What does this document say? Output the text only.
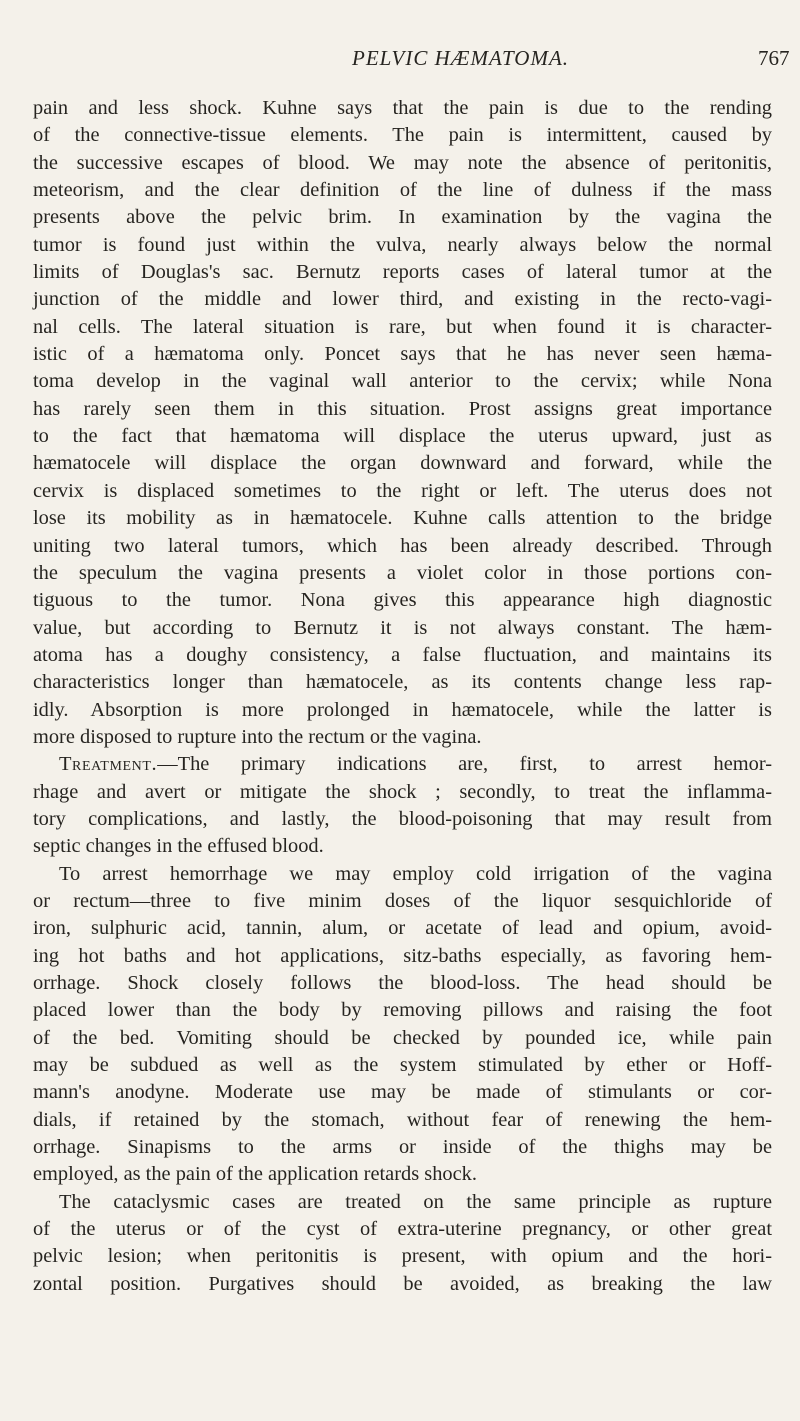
PELVIC HÆMATOMA.	767
pain and less shock. Kuhne says that the pain is due to the rending
of the connective-tissue elements. The pain is intermittent, caused by
the successive escapes of blood. We may note the absence of peritonitis,
meteorism, and the clear definition of the line of dulness if the mass
presents above the pelvic brim. In examination by the vagina the
tumor is found just within the vulva, nearly always below the normal
limits of Douglas's sac. Bernutz reports cases of lateral tumor at the
junction of the middle and lower third, and existing in the recto-vagi-
nal cells. The lateral situation is rare, but when found it is character-
istic of a hæmatoma only. Poncet says that he has never seen hæma-
toma develop in the vaginal wall anterior to the cervix; while Nona
has rarely seen them in this situation. Prost assigns great importance
to the fact that hæmatoma will displace the uterus upward, just as
hæmatocele will displace the organ downward and forward, while the
cervix is displaced sometimes to the right or left. The uterus does not
lose its mobility as in hæmatocele. Kuhne calls attention to the bridge
uniting two lateral tumors, which has been already described. Through
the speculum the vagina presents a violet color in those portions con-
tiguous to the tumor. Nona gives this appearance high diagnostic
value, but according to Bernutz it is not always constant. The hæm-
atoma has a doughy consistency, a false fluctuation, and maintains its
characteristics longer than hæmatocele, as its contents change less rap-
idly. Absorption is more prolonged in hæmatocele, while the latter is
more disposed to rupture into the rectum or the vagina.
Treatment.—The primary indications are, first, to arrest hemor-
rhage and avert or mitigate the shock ; secondly, to treat the inflamma-
tory complications, and lastly, the blood-poisoning that may result from
septic changes in the effused blood.
To arrest hemorrhage we may employ cold irrigation of the vagina
or rectum—three to five minim doses of the liquor sesquichloride of
iron, sulphuric acid, tannin, alum, or acetate of lead and opium, avoid-
ing hot baths and hot applications, sitz-baths especially, as favoring hem-
orrhage. Shock closely follows the blood-loss. The head should be
placed lower than the body by removing pillows and raising the foot
of the bed. Vomiting should be checked by pounded ice, while pain
may be subdued as well as the system stimulated by ether or Hoff-
mann's anodyne. Moderate use may be made of stimulants or cor-
dials, if retained by the stomach, without fear of renewing the hem-
orrhage. Sinapisms to the arms or inside of the thighs may be
employed, as the pain of the application retards shock.
The cataclysmic cases are treated on the same principle as rupture
of the uterus or of the cyst of extra-uterine pregnancy, or other great
pelvic lesion; when peritonitis is present, with opium and the hori-
zontal position. Purgatives should be avoided, as breaking the law
